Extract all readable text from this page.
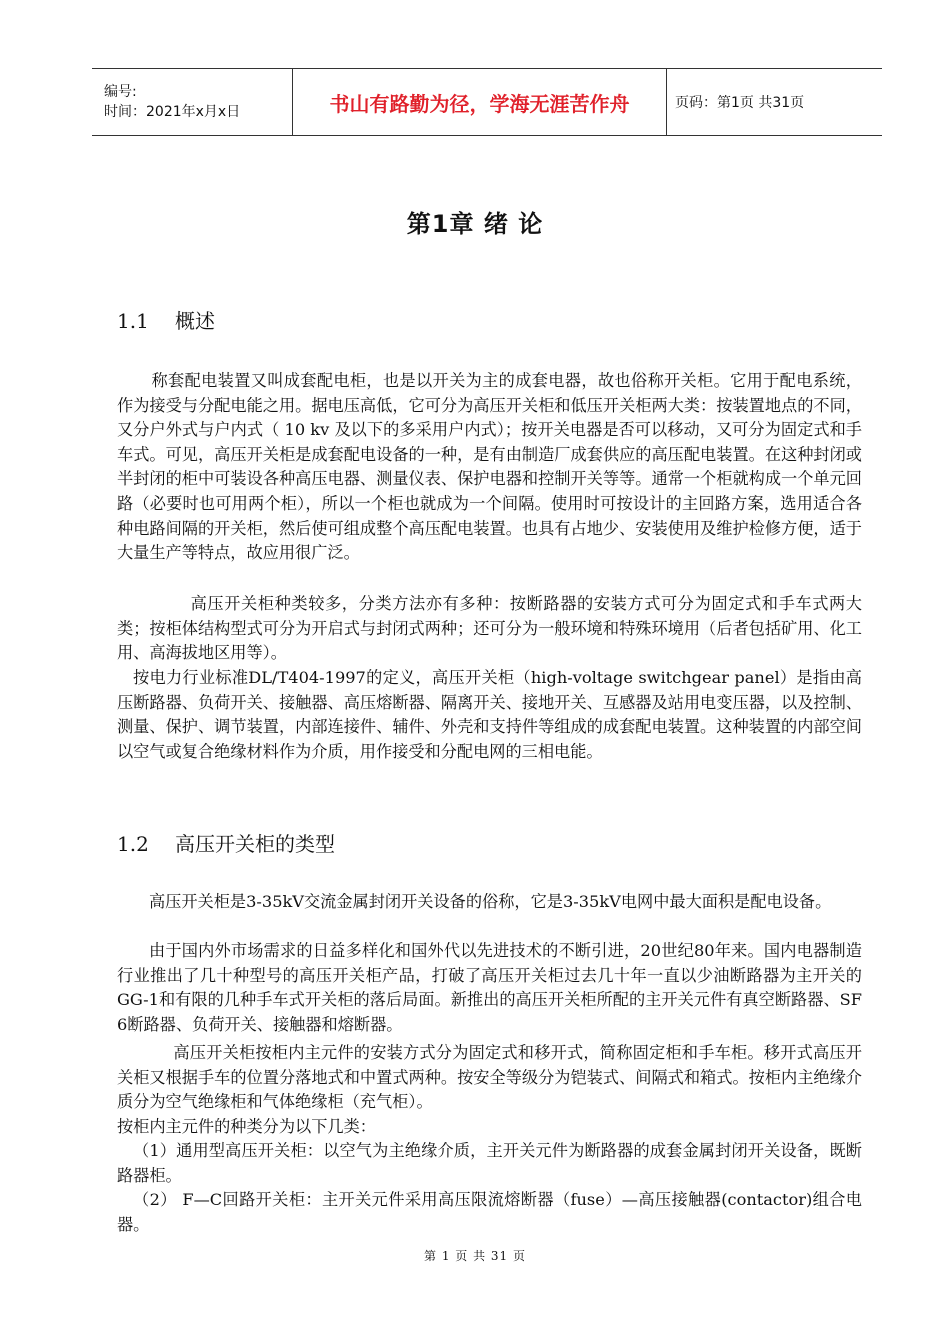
编号:
时间：2021年x月x日	书山有路勤为径，学海无涯苦作舟	页码：第1页 共31页
第1章 绪 论
1.1 概述

　称套配电装置又叫成套配电柜，也是以开关为主的成套电器，故也俗称开关柜。它用于配电系统，作为接受与分配电能之用。据电压高低，它可分为高压开关柜和低压开关柜两大类：按装置地点的不同，又分户外式与户内式（ 10 kv 及以下的多采用户内式）；按开关电器是否可以移动，又可分为固定式和手车式。可见，高压开关柜是成套配电设备的一种，是有由制造厂成套供应的高压配电装置。在这种封闭或半封闭的柜中可装设各种高压电器、测量仪表、保护电器和控制开关等等。通常一个柜就构成一个单元回路（必要时也可用两个柜），所以一个柜也就成为一个间隔。使用时可按设计的主回路方案，选用适合各种电路间隔的开关柜，然后使可组成整个高压配电装置。也具有占地少、安装使用及维护检修方便，适于大量生产等特点，故应用很广泛。

　　高压开关柜种类较多，分类方法亦有多种：按断路器的安装方式可分为固定式和手车式两大类；按柜体结构型式可分为开启式与封闭式两种；还可分为一般环境和特殊环境用（后者包括矿用、化工用、高海拔地区用等）。

按电力行业标准DL/T404-1997的定义，高压开关柜（high-voltage switchgear panel）是指由高压断路器、负荷开关、接触器、高压熔断器、隔离开关、接地开关、互感器及站用电变压器，以及控制、测量、保护、调节装置，内部连接件、辅件、外壳和支持件等组成的成套配电装置。这种装置的内部空间以空气或复合绝缘材料作为介质，用作接受和分配电网的三相电能。

1.2 高压开关柜的类型

高压开关柜是3-35kV交流金属封闭开关设备的俗称，它是3-35kV电网中最大面积是配电设备。

由于国内外市场需求的日益多样化和国外代以先进技术的不断引进，20世纪80年来。国内电器制造行业推出了几十种型号的高压开关柜产品，打破了高压开关柜过去几十年一直以少油断路器为主开关的GG-1和有限的几种手车式开关柜的落后局面。新推出的高压开关柜所配的主开关元件有真空断路器、SF 6断路器、负荷开关、接触器和熔断器。

　高压开关柜按柜内主元件的安装方式分为固定式和移开式，简称固定柜和手车柜。移开式高压开关柜又根据手车的位置分落地式和中置式两种。按安全等级分为铠装式、间隔式和箱式。按柜内主绝缘介质分为空气绝缘柜和气体绝缘柜（充气柜）。

按柜内主元件的种类分为以下几类：

（1）通用型高压开关柜：以空气为主绝缘介质，主开关元件为断路器的成套金属封闭开关设备，既断路器柜。

（2） F—C回路开关柜：主开关元件采用高压限流熔断器（fuse）—高压接触器(contactor)组合电器。

第 1 页 共 31 页
